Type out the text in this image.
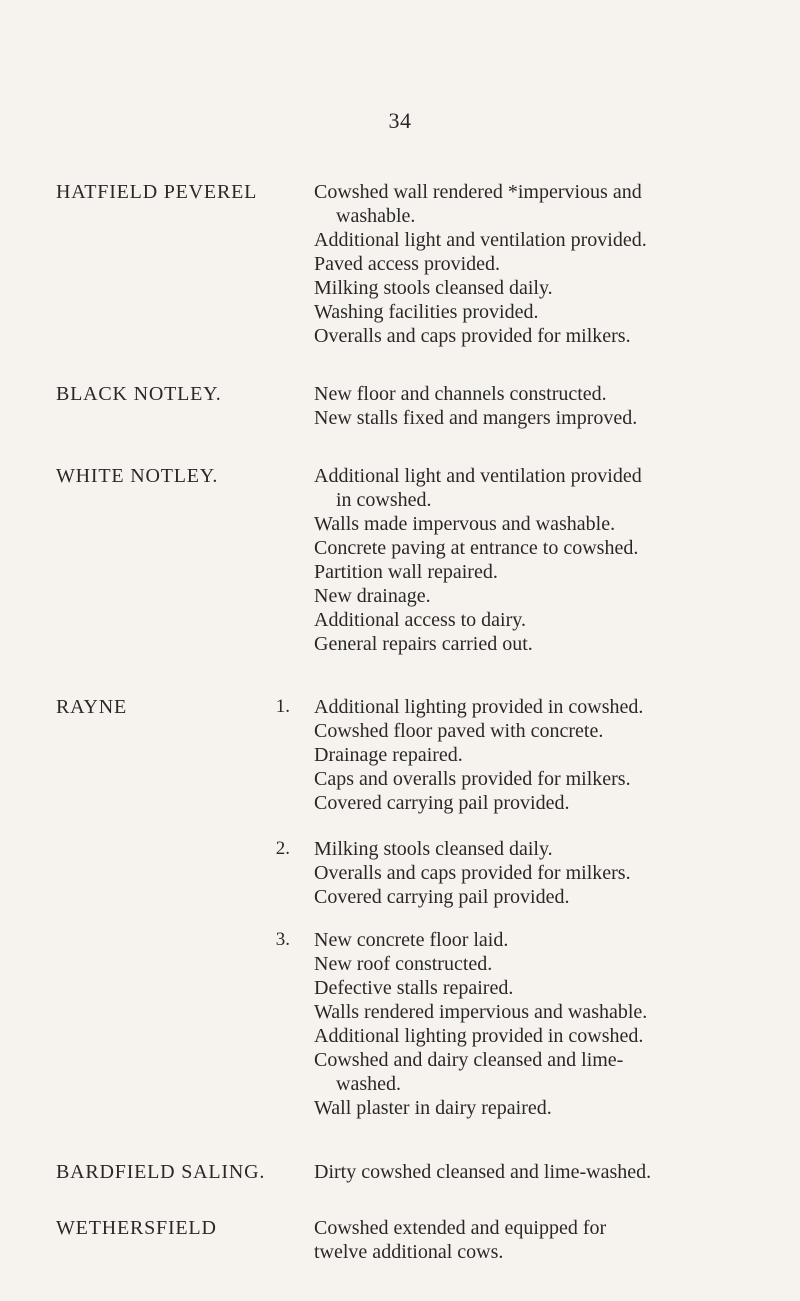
34
HATFIELD PEVEREL	Cowshed wall rendered *impervious and
washable.
Additional light and ventilation provided.
Paved access provided.
Milking stools cleansed daily.
Washing facilities provided.
Overalls and caps provided for milkers.
BLACK NOTLEY.	New floor and channels constructed.
New stalls fixed and mangers improved.
WHITE NOTLEY.	Additional light and ventilation provided
in cowshed.
Walls made impervous and washable.
Concrete paving at entrance to cowshed.
Partition wall repaired.
New drainage.
Additional access to dairy.
General repairs carried out.
RAYNE	1. Additional lighting provided in cowshed.
Cowshed floor paved with concrete.
Drainage repaired.
Caps and overalls provided for milkers.
Covered carrying pail provided.
2. Milking stools cleansed daily.
Overalls and caps provided for milkers.
Covered carrying pail provided.
3. New concrete floor laid.
New roof constructed.
Defective stalls repaired.
Walls rendered impervious and washable.
Additional lighting provided in cowshed.
Cowshed and dairy cleansed and lime-
washed.
Wall plaster in dairy repaired.
BARDFIELD SALING.	Dirty cowshed cleansed and lime-washed.
WETHERSFIELD	Cowshed extended and equipped for
twelve additional cows.
